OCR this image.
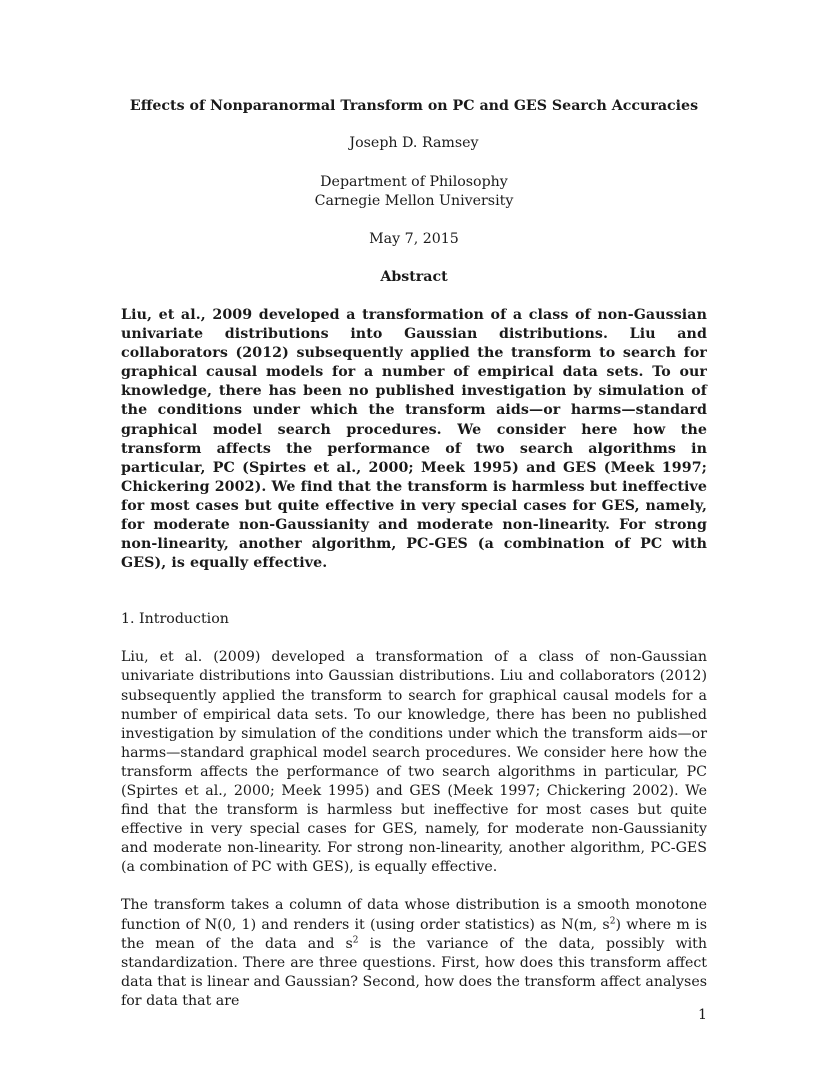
Effects of Nonparanormal Transform on PC and GES Search Accuracies

Joseph D. Ramsey

Department of Philosophy
Carnegie Mellon University

May 7, 2015

Abstract

Liu, et al., 2009 developed a transformation of a class of non-Gaussian univariate distributions into Gaussian distributions. Liu and collaborators (2012) subsequently applied the transform to search for graphical causal models for a number of empirical data sets. To our knowledge, there has been no published investigation by simulation of the conditions under which the transform aids—or harms—standard graphical model search procedures. We consider here how the transform affects the performance of two search algorithms in particular, PC (Spirtes et al., 2000; Meek 1995) and GES (Meek 1997; Chickering 2002). We find that the transform is harmless but ineffective for most cases but quite effective in very special cases for GES, namely, for moderate non-Gaussianity and moderate non-linearity. For strong non-linearity, another algorithm, PC-GES (a combination of PC with GES), is equally effective.

1. Introduction

Liu, et al. (2009) developed a transformation of a class of non-Gaussian univariate distributions into Gaussian distributions. Liu and collaborators (2012) subsequently applied the transform to search for graphical causal models for a number of empirical data sets. To our knowledge, there has been no published investigation by simulation of the conditions under which the transform aids—or harms—standard graphical model search procedures. We consider here how the transform affects the performance of two search algorithms in particular, PC (Spirtes et al., 2000; Meek 1995) and GES (Meek 1997; Chickering 2002). We find that the transform is harmless but ineffective for most cases but quite effective in very special cases for GES, namely, for moderate non-Gaussianity and moderate non-linearity. For strong non-linearity, another algorithm, PC-GES (a combination of PC with GES), is equally effective.

The transform takes a column of data whose distribution is a smooth monotone function of N(0, 1) and renders it (using order statistics) as N(m, $s^2$) where m is the mean of the data and $s^2$ is the variance of the data, possibly with standardization. There are three questions. First, how does this transform affect data that is linear and Gaussian? Second, how does the transform affect analyses for data that are

1
